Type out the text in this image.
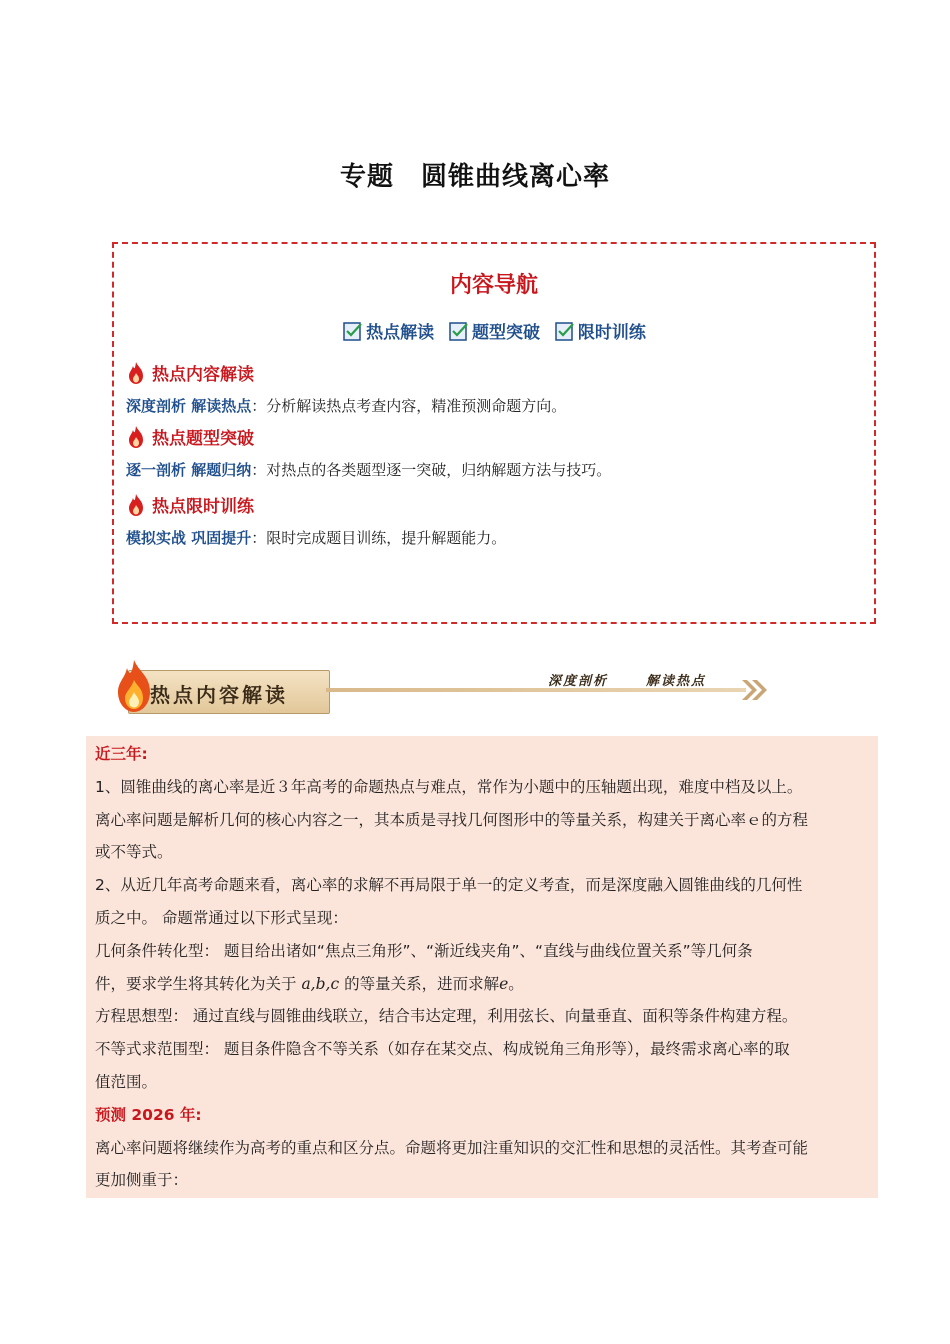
专题　圆锥曲线离心率
内容导航
热点解读
题型突破
限时训练
热点内容解读
深度剖析 解读热点：分析解读热点考查内容，精准预测命题方向。
热点题型突破
逐一剖析 解题归纳：对热点的各类题型逐一突破，归纳解题方法与技巧。
热点限时训练
模拟实战 巩固提升：限时完成题目训练，提升解题能力。
热点内容解读
深度剖析	解读热点

近三年:

1、圆锥曲线的离心率是近３年高考的命题热点与难点，常作为小题中的压轴题出现，难度中档及以上。

离心率问题是解析几何的核心内容之一，其本质是寻找几何图形中的等量关系，构建关于离心率ｅ的方程

或不等式。

2、从近几年高考命题来看，离心率的求解不再局限于单一的定义考查，而是深度融入圆锥曲线的几何性

质之中。 命题常通过以下形式呈现：

几何条件转化型： 题目给出诸如“焦点三角形”、“渐近线夹角”、“直线与曲线位置关系”等几何条

件，要求学生将其转化为关于 a,b,c 的等量关系，进而求解e。

方程思想型： 通过直线与圆锥曲线联立，结合韦达定理，利用弦长、向量垂直、面积等条件构建方程。

不等式求范围型： 题目条件隐含不等关系（如存在某交点、构成锐角三角形等），最终需求离心率的取

值范围。

预测 2026 年:

离心率问题将继续作为高考的重点和区分点。命题将更加注重知识的交汇性和思想的灵活性。其考查可能

更加侧重于：
